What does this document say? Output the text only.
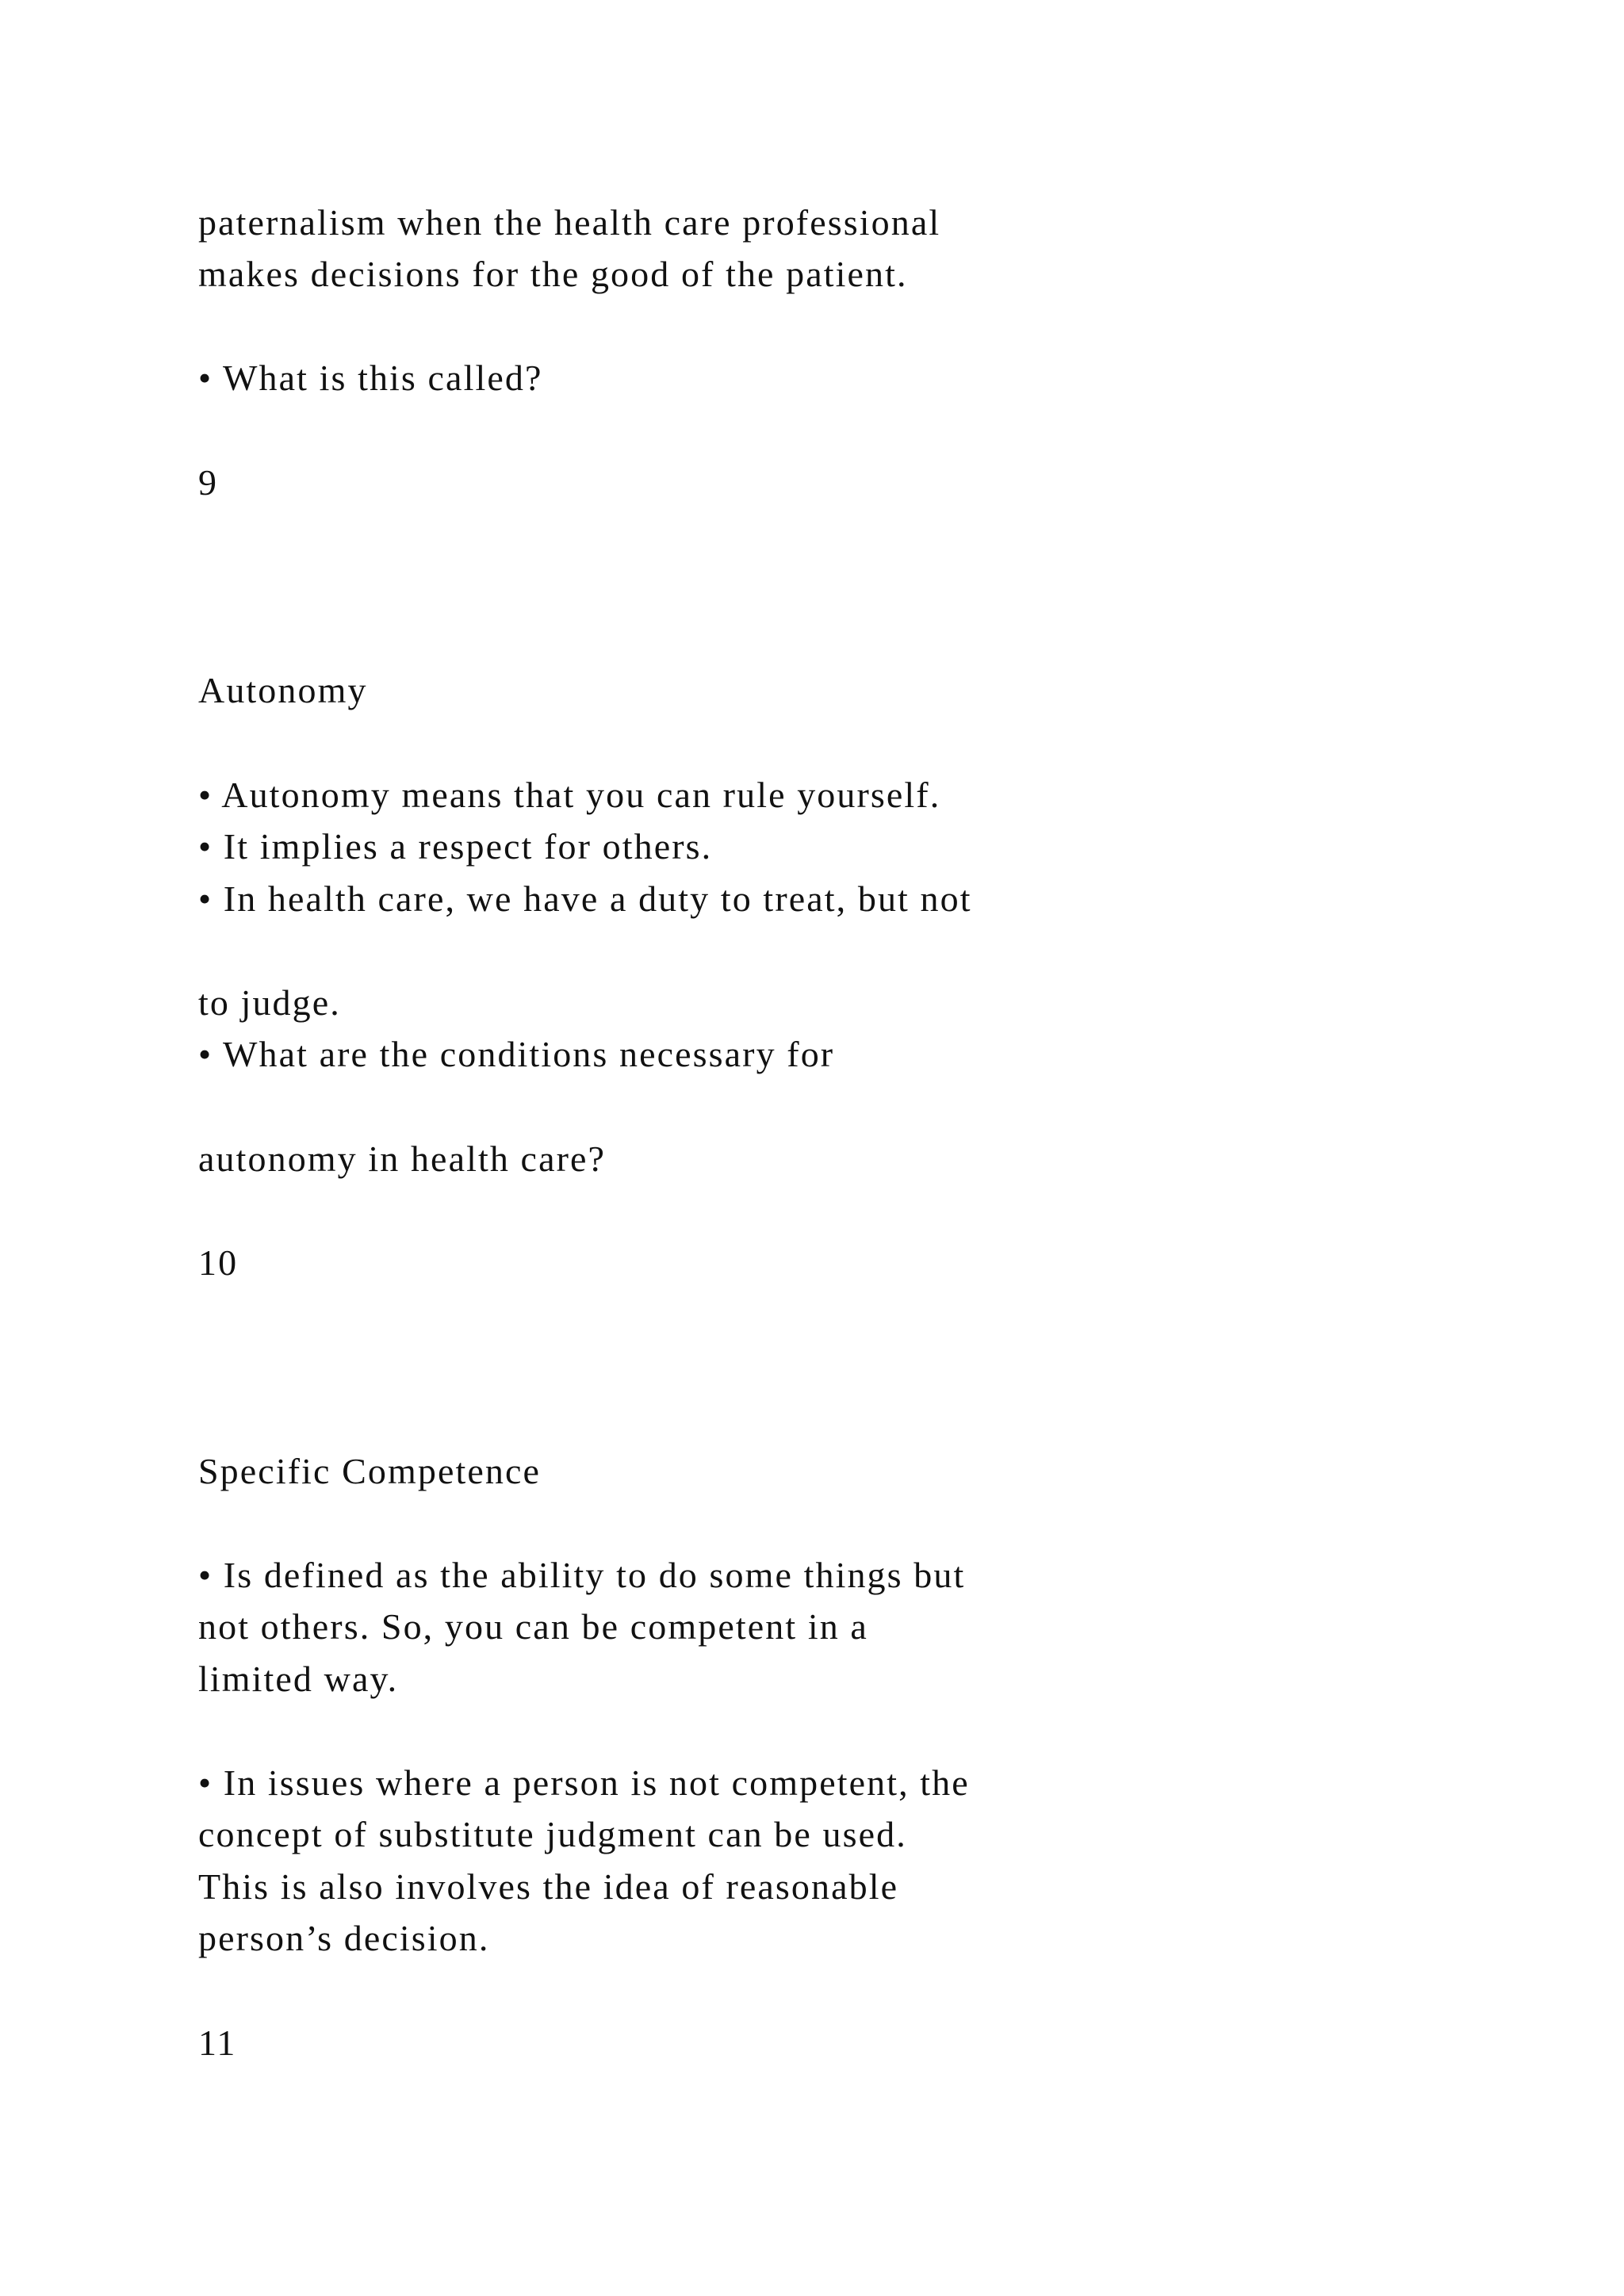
paternalism when the health care professional
makes decisions for the good of the patient.
• What is this called?
9
Autonomy
• Autonomy means that you can rule yourself.
• It implies a respect for others.
• In health care, we have a duty to treat, but not
to judge.
• What are the conditions necessary for
autonomy in health care?
10
Specific Competence
• Is defined as the ability to do some things but
not others. So, you can be competent in a
limited way.
• In issues where a person is not competent, the
concept of substitute judgment can be used.
This is also involves the idea of reasonable
person’s decision.
11
